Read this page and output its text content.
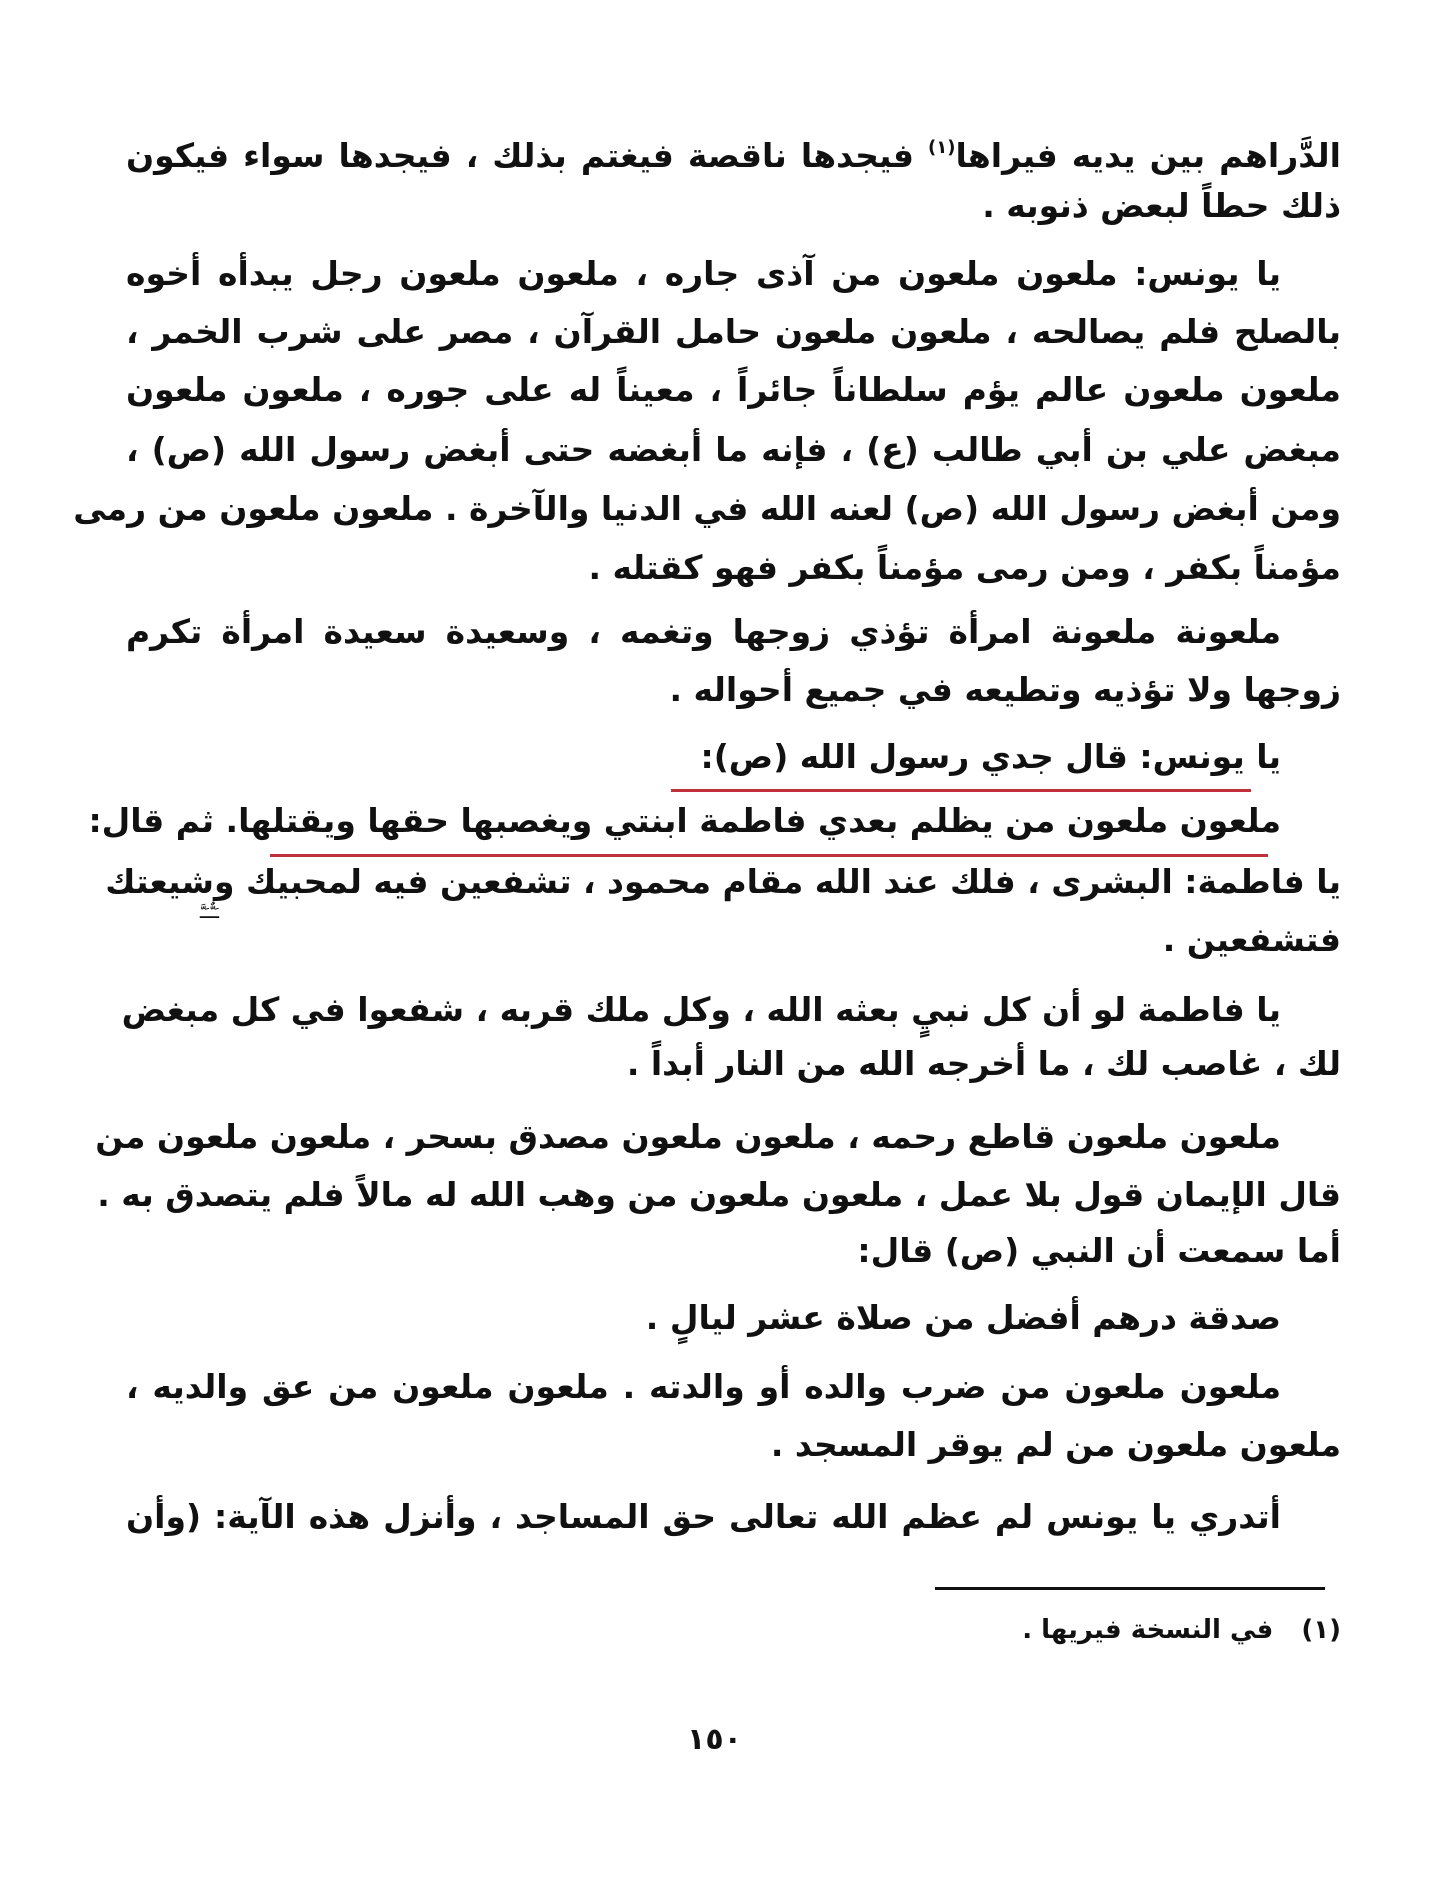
الدَّراهم بين يديه فيراها$^{(١)}$ فيجدها ناقصة فيغتم بذلك ، فيجدها سواء فيكون
ذلك حطاً لبعض ذنوبه .
يا يونس: ملعون ملعون من آذى جاره ، ملعون ملعون رجل يبدأه أخوه
بالصلح فلم يصالحه ، ملعون ملعون حامل القرآن ، مصر على شرب الخمر ،
ملعون ملعون عالم يؤم سلطاناً جائراً ، معيناً له على جوره ، ملعون ملعون
مبغض علي بن أبي طالب (ع) ، فإنه ما أبغضه حتى أبغض رسول الله (ص) ،
ومن أبغض رسول الله (ص) لعنه الله في الدنيا والآخرة . ملعون ملعون من رمى
مؤمناً بكفر ، ومن رمى مؤمناً بكفر فهو كقتله .
ملعونة ملعونة امرأة تؤذي زوجها وتغمه ، وسعيدة سعيدة امرأة تكرم
زوجها ولا تؤذيه وتطيعه في جميع أحواله .
يا يونس: قال جدي رسول الله (ص):
ملعون ملعون من يظلم بعدي فاطمة ابنتي ويغصبها حقها ويقتلها. ثم قال:
يا فاطمة: البشرى ، فلك عند الله مقام محمود ، تشفعين فيه لمحبيك وشيعتك
ـَـٌّـَـَّ
فتشفعين .
يا فاطمة لو أن كل نبيٍ بعثه الله ، وكل ملك قربه ، شفعوا في كل مبغض
لك ، غاصب لك ، ما أخرجه الله من النار أبداً .
ملعون ملعون قاطع رحمه ، ملعون ملعون مصدق بسحر ، ملعون ملعون من
قال الإيمان قول بلا عمل ، ملعون ملعون من وهب الله له مالاً فلم يتصدق به .
أما سمعت أن النبي (ص) قال:
صدقة درهم أفضل من صلاة عشر ليالٍ .
ملعون ملعون من ضرب والده أو والدته . ملعون ملعون من عق والديه ،
ملعون ملعون من لم يوقر المسجد .
أتدري يا يونس لم عظم الله تعالى حق المساجد ، وأنزل هذه الآية: (وأن
(١)في النسخة فيريها .
١٥٠
